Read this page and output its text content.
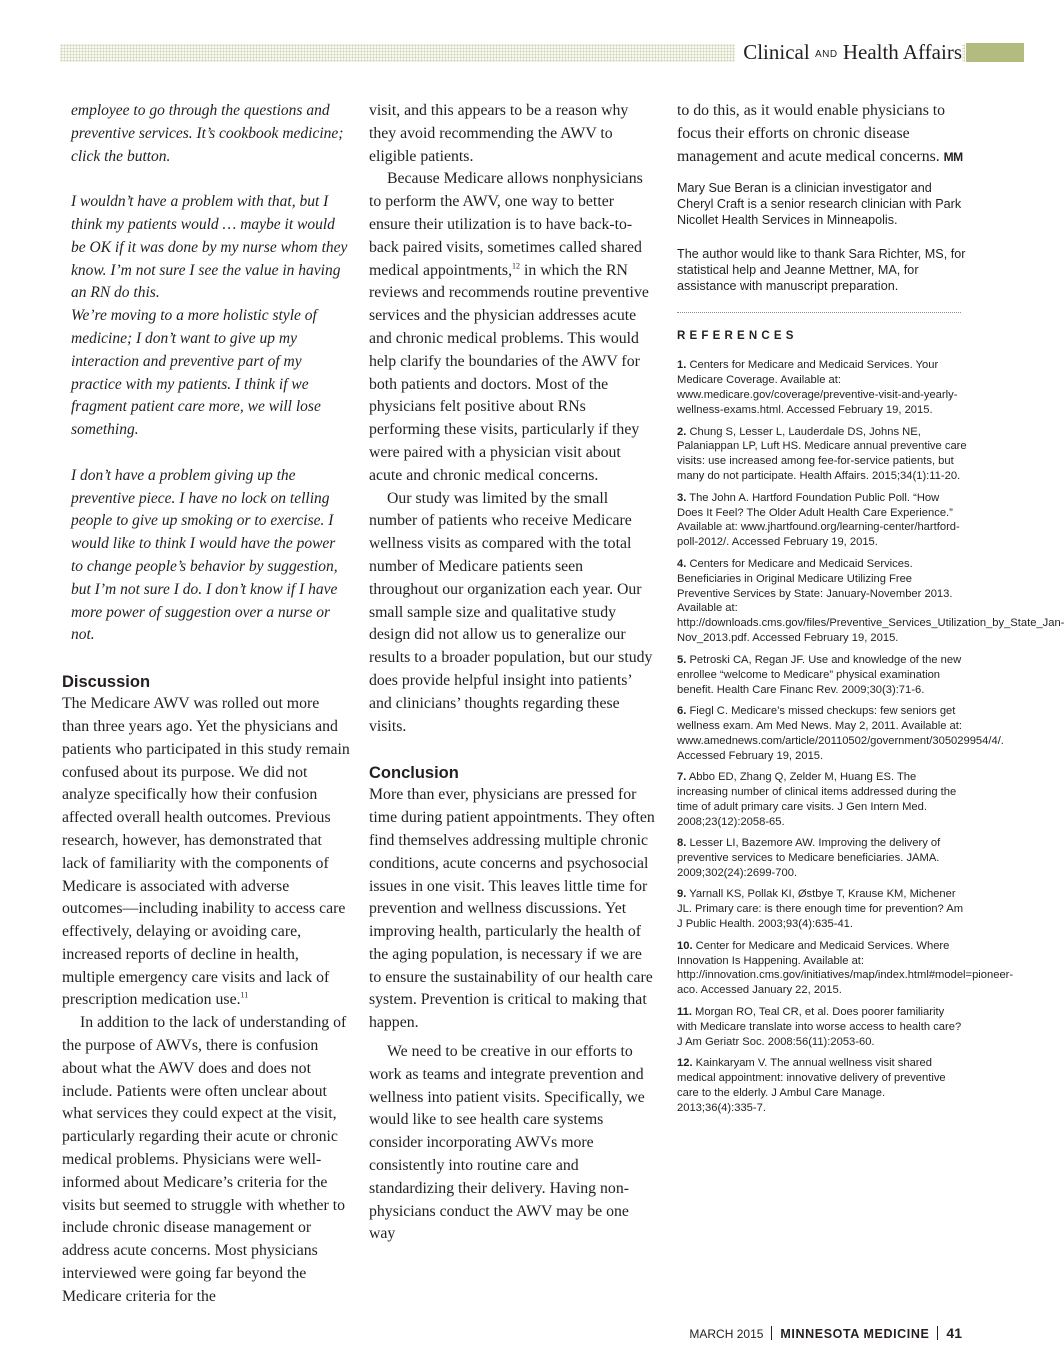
Clinical AND Health Affairs

employee to go through the questions and preventive services. It’s cookbook medicine; click the button.

I wouldn’t have a problem with that, but I think my patients would … maybe it would be OK if it was done by my nurse whom they know. I’m not sure I see the value in having an RN do this.

We’re moving to a more holistic style of medicine; I don’t want to give up my interaction and preventive part of my practice with my patients. I think if we fragment patient care more, we will lose something.

I don’t have a problem giving up the preventive piece. I have no lock on telling people to give up smoking or to exercise. I would like to think I would have the power to change people’s behavior by suggestion, but I’m not sure I do. I don’t know if I have more power of suggestion over a nurse or not.

Discussion

The Medicare AWV was rolled out more than three years ago. Yet the physicians and patients who participated in this study remain confused about its purpose. We did not analyze specifically how their confusion affected overall health outcomes. Previous research, however, has demonstrated that lack of familiarity with the components of Medicare is associated with adverse outcomes—including inability to access care effectively, delaying or avoiding care, increased reports of decline in health, multiple emergency care visits and lack of prescription medication use.$^{11}$

In addition to the lack of understanding of the purpose of AWVs, there is confusion about what the AWV does and does not include. Patients were often unclear about what services they could expect at the visit, particularly regarding their acute or chronic medical problems. Physicians were well-informed about Medicare’s criteria for the visits but seemed to struggle with whether to include chronic disease management or address acute concerns. Most physicians interviewed were going far beyond the Medicare criteria for the

visit, and this appears to be a reason why they avoid recommending the AWV to eligible patients.

Because Medicare allows nonphysicians to perform the AWV, one way to better ensure their utilization is to have back-to-back paired visits, sometimes called shared medical appointments,$^{12}$ in which the RN reviews and recommends routine preventive services and the physician addresses acute and chronic medical problems. This would help clarify the boundaries of the AWV for both patients and doctors. Most of the physicians felt positive about RNs performing these visits, particularly if they were paired with a physician visit about acute and chronic medical concerns.

Our study was limited by the small number of patients who receive Medicare wellness visits as compared with the total number of Medicare patients seen throughout our organization each year. Our small sample size and qualitative study design did not allow us to generalize our results to a broader population, but our study does provide helpful insight into patients’ and clinicians’ thoughts regarding these visits.

Conclusion

More than ever, physicians are pressed for time during patient appointments. They often find themselves addressing multiple chronic conditions, acute concerns and psychosocial issues in one visit. This leaves little time for prevention and wellness discussions. Yet improving health, particularly the health of the aging population, is necessary if we are to ensure the sustainability of our health care system. Prevention is critical to making that happen.

We need to be creative in our efforts to work as teams and integrate prevention and wellness into patient visits. Specifically, we would like to see health care systems consider incorporating AWVs more consistently into routine care and standardizing their delivery. Having non-physicians conduct the AWV may be one way

to do this, as it would enable physicians to focus their efforts on chronic disease management and acute medical concerns. MM

Mary Sue Beran is a clinician investigator and Cheryl Craft is a senior research clinician with Park Nicollet Health Services in Minneapolis.

The author would like to thank Sara Richter, MS, for statistical help and Jeanne Mettner, MA, for assistance with manuscript preparation.

REFERENCES
1. Centers for Medicare and Medicaid Services. Your Medicare Coverage. Available at: www.medicare.gov/coverage/preventive-visit-and-yearly-wellness-exams.html. Accessed February 19, 2015.
2. Chung S, Lesser L, Lauderdale DS, Johns NE, Palaniappan LP, Luft HS. Medicare annual preventive care visits: use increased among fee-for-service patients, but many do not participate. Health Affairs. 2015;34(1):11-20.
3. The John A. Hartford Foundation Public Poll. “How Does It Feel? The Older Adult Health Care Experience.” Available at: www.jhartfound.org/learning-center/hartford-poll-2012/. Accessed February 19, 2015.
4. Centers for Medicare and Medicaid Services. Beneficiaries in Original Medicare Utilizing Free Preventive Services by State: January-November 2013. Available at: http://downloads.cms.gov/files/Preventive_Services_Utilization_by_State_Jan-Nov_2013.pdf. Accessed February 19, 2015.
5. Petroski CA, Regan JF. Use and knowledge of the new enrollee “welcome to Medicare” physical examination benefit. Health Care Financ Rev. 2009;30(3):71-6.
6. Fiegl C. Medicare’s missed checkups: few seniors get wellness exam. Am Med News. May 2, 2011. Available at: www.amednews.com/article/20110502/government/305029954/4/. Accessed February 19, 2015.
7. Abbo ED, Zhang Q, Zelder M, Huang ES. The increasing number of clinical items addressed during the time of adult primary care visits. J Gen Intern Med. 2008;23(12):2058-65.
8. Lesser LI, Bazemore AW. Improving the delivery of preventive services to Medicare beneficiaries. JAMA. 2009;302(24):2699-700.
9. Yarnall KS, Pollak KI, Østbye T, Krause KM, Michener JL. Primary care: is there enough time for prevention? Am J Public Health. 2003;93(4):635-41.
10. Center for Medicare and Medicaid Services. Where Innovation Is Happening. Available at: http://innovation.cms.gov/initiatives/map/index.html#model=pioneer-aco. Accessed January 22, 2015.
11. Morgan RO, Teal CR, et al. Does poorer familiarity with Medicare translate into worse access to health care? J Am Geriatr Soc. 2008:56(11):2053-60.
12. Kainkaryam V. The annual wellness visit shared medical appointment: innovative delivery of preventive care to the elderly. J Ambul Care Manage. 2013;36(4):335-7.
MARCH 2015 MINNESOTA MEDICINE 41
